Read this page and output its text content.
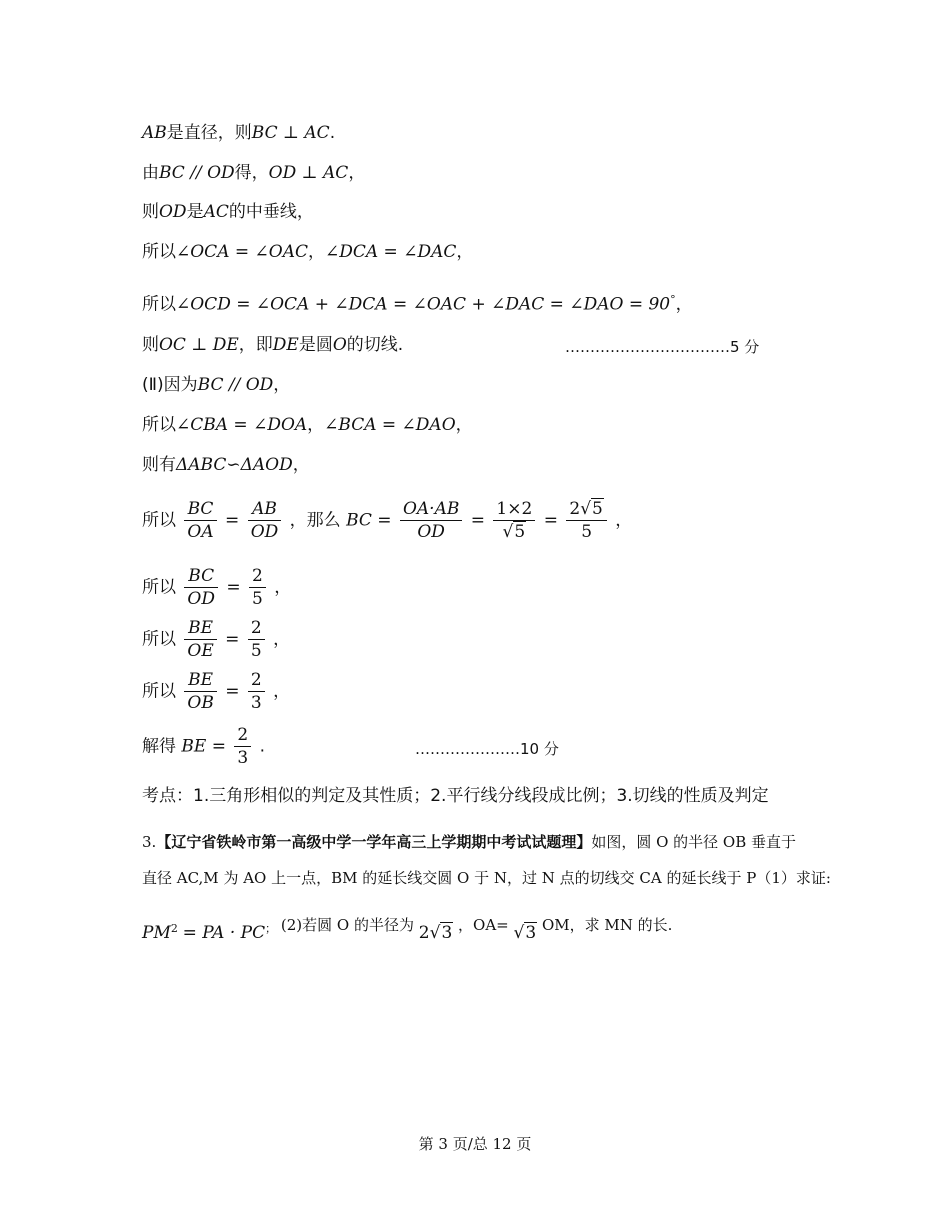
AB是直径，则BC ⊥ AC.
由BC // OD得，OD ⊥ AC，
则OD是AC的中垂线，
所以∠OCA = ∠OAC，∠DCA = ∠DAC，
所以∠OCD = ∠OCA + ∠DCA = ∠OAC + ∠DAC = ∠DAO = 90°，
则OC ⊥ DE，即DE是圆O的切线.	……………………………5 分
(Ⅱ)因为BC // OD，
所以∠CBA = ∠DOA，∠BCA = ∠DAO，
则有ΔABC∽ΔAOD，
所以 $\frac{BC}{OA} = \frac{AB}{OD}$ ，那么 BC = $\frac{OA\cdot AB}{OD} = \frac{1\times 2}{√5} = \frac{2√5}{5}$ ，
所以 $\frac{BC}{OD} = \frac{2}{5}$ ，
所以 $\frac{BE}{OE} = \frac{2}{5}$ ，
所以 $\frac{BE}{OB} = \frac{2}{3}$ ，
解得 BE = $\frac{2}{3}$ .	…………………10 分
考点：1.三角形相似的判定及其性质；2.平行线分线段成比例；3.切线的性质及判定
3.【辽宁省铁岭市第一高级中学一学年高三上学期期中考试试题理】如图，圆 O 的半径 OB 垂直于
直径 AC,M 为 AO 上一点，BM 的延长线交圆 O 于 N，过 N 点的切线交 CA 的延长线于 P（1）求证:
$PM^2$ = PA · PC； (2)若圆 O 的半径为 2√3 ，OA= √3 OM，求 MN 的长.
第 3 页/总 12 页
